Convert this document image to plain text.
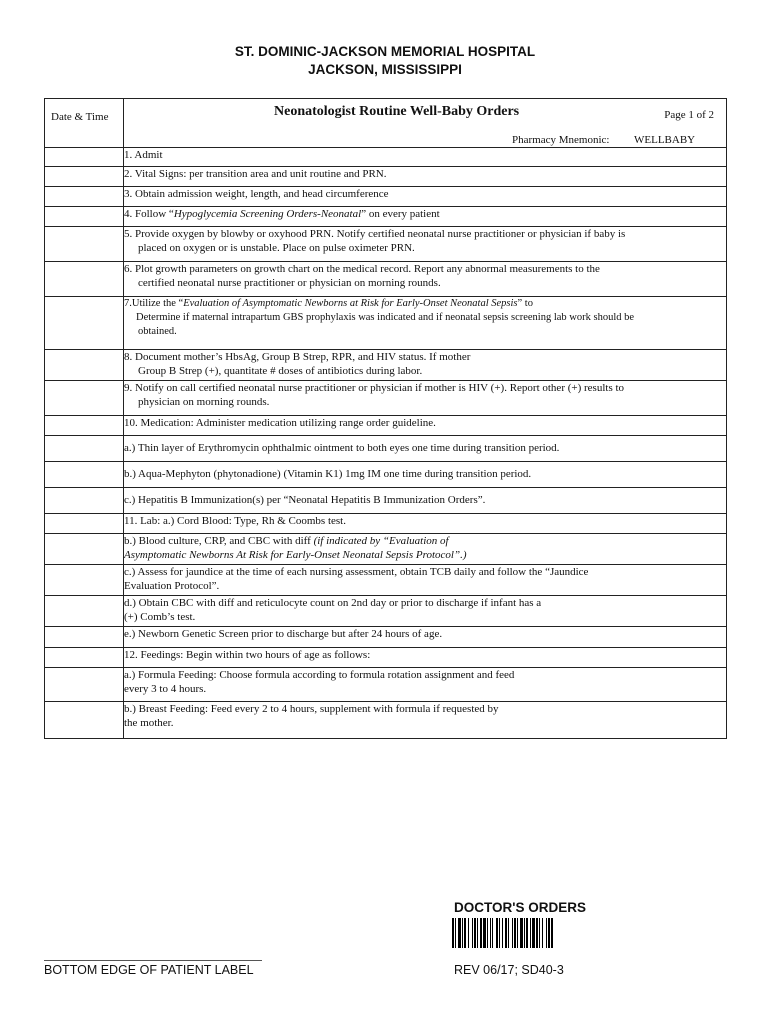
ST. DOMINIC-JACKSON MEMORIAL HOSPITAL
JACKSON, MISSISSIPPI
Date & Time	Neonatologist Routine Well-Baby Orders Page 1 of 2
Pharmacy Mnemonic: WELLBABY

	1. Admit
	2. Vital Signs: per transition area and unit routine and PRN.
	3. Obtain admission weight, length, and head circumference
	4. Follow “Hypoglycemia Screening Orders-Neonatal” on every patient
	5. Provide oxygen by blowby or oxyhood PRN. Notify certified neonatal nurse practitioner or physician if baby is
placed on oxygen or is unstable. Place on pulse oximeter PRN.

	6. Plot growth parameters on growth chart on the medical record. Report any abnormal measurements to the
certified neonatal nurse practitioner or physician on morning rounds.

	7.Utilize the “Evaluation of Asymptomatic Newborns at Risk for Early-Onset Neonatal Sepsis” to
Determine if maternal intrapartum GBS prophylaxis was indicated and if neonatal sepsis screening lab work should be
obtained.

	8. Document mother’s HbsAg, Group B Strep, RPR, and HIV status. If mother
Group B Strep (+), quantitate # doses of antibiotics during labor.

	9. Notify on call certified neonatal nurse practitioner or physician if mother is HIV (+). Report other (+) results to
physician on morning rounds.

	10. Medication: Administer medication utilizing range order guideline.
	a.) Thin layer of Erythromycin ophthalmic ointment to both eyes one time during transition period.
	b.) Aqua-Mephyton (phytonadione) (Vitamin K1) 1mg IM one time during transition period.
	c.) Hepatitis B Immunization(s) per “Neonatal Hepatitis B Immunization Orders”.
	11. Lab: a.) Cord Blood: Type, Rh & Coombs test.
	b.) Blood culture, CRP, and CBC with diff (if indicated by “Evaluation of
Asymptomatic Newborns At Risk for Early-Onset Neonatal Sepsis Protocol”.)

	c.) Assess for jaundice at the time of each nursing assessment, obtain TCB daily and follow the “Jaundice
Evaluation Protocol”.

	d.) Obtain CBC with diff and reticulocyte count on 2nd day or prior to discharge if infant has a
(+) Comb’s test.

	e.) Newborn Genetic Screen prior to discharge but after 24 hours of age.
	12. Feedings: Begin within two hours of age as follows:
	a.) Formula Feeding: Choose formula according to formula rotation assignment and feed
every 3 to 4 hours.

	b.) Breast Feeding: Feed every 2 to 4 hours, supplement with formula if requested by
the mother.
DOCTOR'S ORDERS
BOTTOM EDGE OF PATIENT LABEL	REV 06/17; SD40-3
